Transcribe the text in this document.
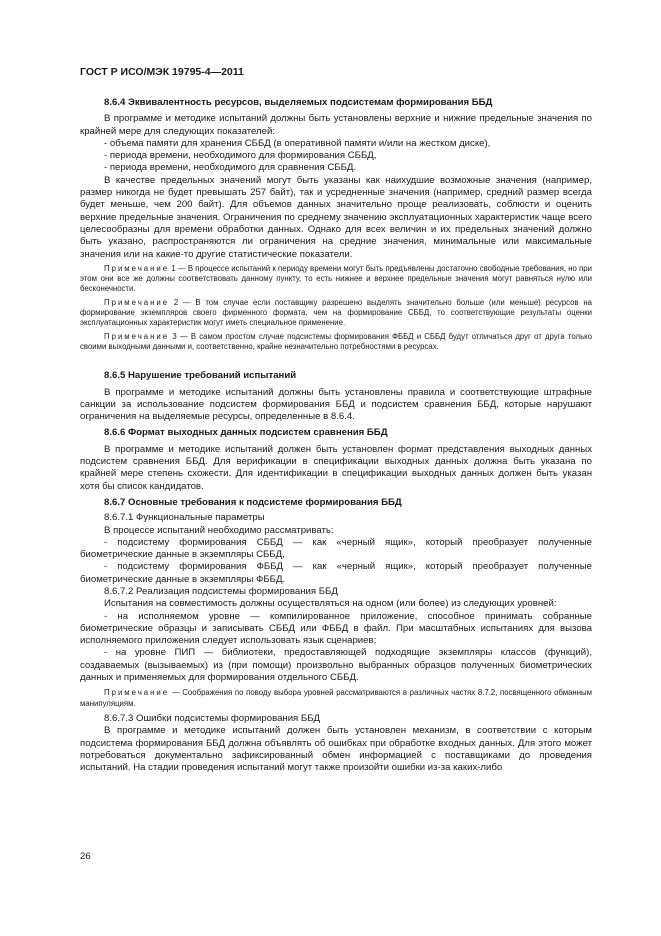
ГОСТ Р ИСО/МЭК 19795-4—2011

8.6.4 Эквивалентность ресурсов, выделяемых подсистемам формирования ББД

В программе и методике испытаний должны быть установлены верхние и нижние предельные значения по крайней мере для следующих показателей:

- объема памяти для хранения СББД (в оперативной памяти и/или на жестком диске),

- периода времени, необходимого для формирования СББД,

- периода времени, необходимого для сравнения СББД.

В качестве предельных значений могут быть указаны как наихудшие возможные значения (например, размер никогда не будет превышать 257 байт), так и усредненные значения (например, средний размер всегда будет меньше, чем 200 байт). Для объемов данных значительно проще реализовать, соблюсти и оценить верхние предельные значения. Ограничения по среднему значению эксплуатационных характеристик чаще всего целесообразны для времени обработки данных. Однако для всех величин и их предельных значений должно быть указано, распространяются ли ограничения на средние значения, минимальные или максимальные значения или на какие-то другие статистические показатели.

Примечание 1 — В процессе испытаний к периоду времени могут быть предъявлены достаточно свободные требования, но при этом они все же должны соответствовать данному пункту, то есть нижнее и верхнее предельные значения могут равняться нулю или бесконечности.

Примечание 2 — В том случае если поставщику разрешено выделять значительно больше (или меньше) ресурсов на формирование экземпляров своего фирменного формата, чем на формирование СББД, то соответствующие результаты оценки эксплуатационных характеристик могут иметь специальное применение.

Примечание 3 — В самом простом случае подсистемы формирования ФББД и СББД будут отличаться друг от друга только своими выходными данными и, соответственно, крайне незначительно потребностями в ресурсах.

8.6.5 Нарушение требований испытаний

В программе и методике испытаний должны быть установлены правила и соответствующие штрафные санкции за использование подсистем формирования ББД и подсистем сравнения ББД, которые нарушают ограничения на выделяемые ресурсы, определенные в 8.6.4.

8.6.6 Формат выходных данных подсистем сравнения ББД

В программе и методике испытаний должен быть установлен формат представления выходных данных подсистем сравнения ББД. Для верификации в спецификации выходных данных должна быть указана по крайней мере степень схожести. Для идентификации в спецификации выходных данных должен быть указан хотя бы список кандидатов.

8.6.7 Основные требования к подсистеме формирования ББД

8.6.7.1 Функциональные параметры

В процессе испытаний необходимо рассматривать:

- подсистему формирования СББД — как «черный ящик», который преобразует полученные биометрические данные в экземпляры СББД,

- подсистему формирования ФББД — как «черный ящик», который преобразует полученные биометрические данные в экземпляры ФББД.

8.6.7.2 Реализация подсистемы формирования ББД

Испытания на совместимость должны осуществляться на одном (или более) из следующих уровней:

- на исполняемом уровне — компилированное приложение, способное принимать собранные биометрические образцы и записывать СББД или ФББД в файл. При масштабных испытаниях для вызова исполняемого приложения следует использовать язык сценариев;

- на уровне ПИП — библиотеки, предоставляющей подходящие экземпляры классов (функций), создаваемых (вызываемых) из (при помощи) произвольно выбранных образцов полученных биометрических данных и применяемых для формирования отдельного СББД.

Примечание — Соображения по поводу выбора уровней рассматриваются в различных частях 8.7.2, посвященного обманным манипуляциям.

8.6.7.3 Ошибки подсистемы формирования ББД

В программе и методике испытаний должен быть установлен механизм, в соответствии с которым подсистема формирования ББД должна объявлять об ошибках при обработке входных данных. Для этого может потребоваться документально зафиксированный обмен информацией с поставщиками до проведения испытаний. На стадии проведения испытаний могут также произойти ошибки из-за каких-либо

26
